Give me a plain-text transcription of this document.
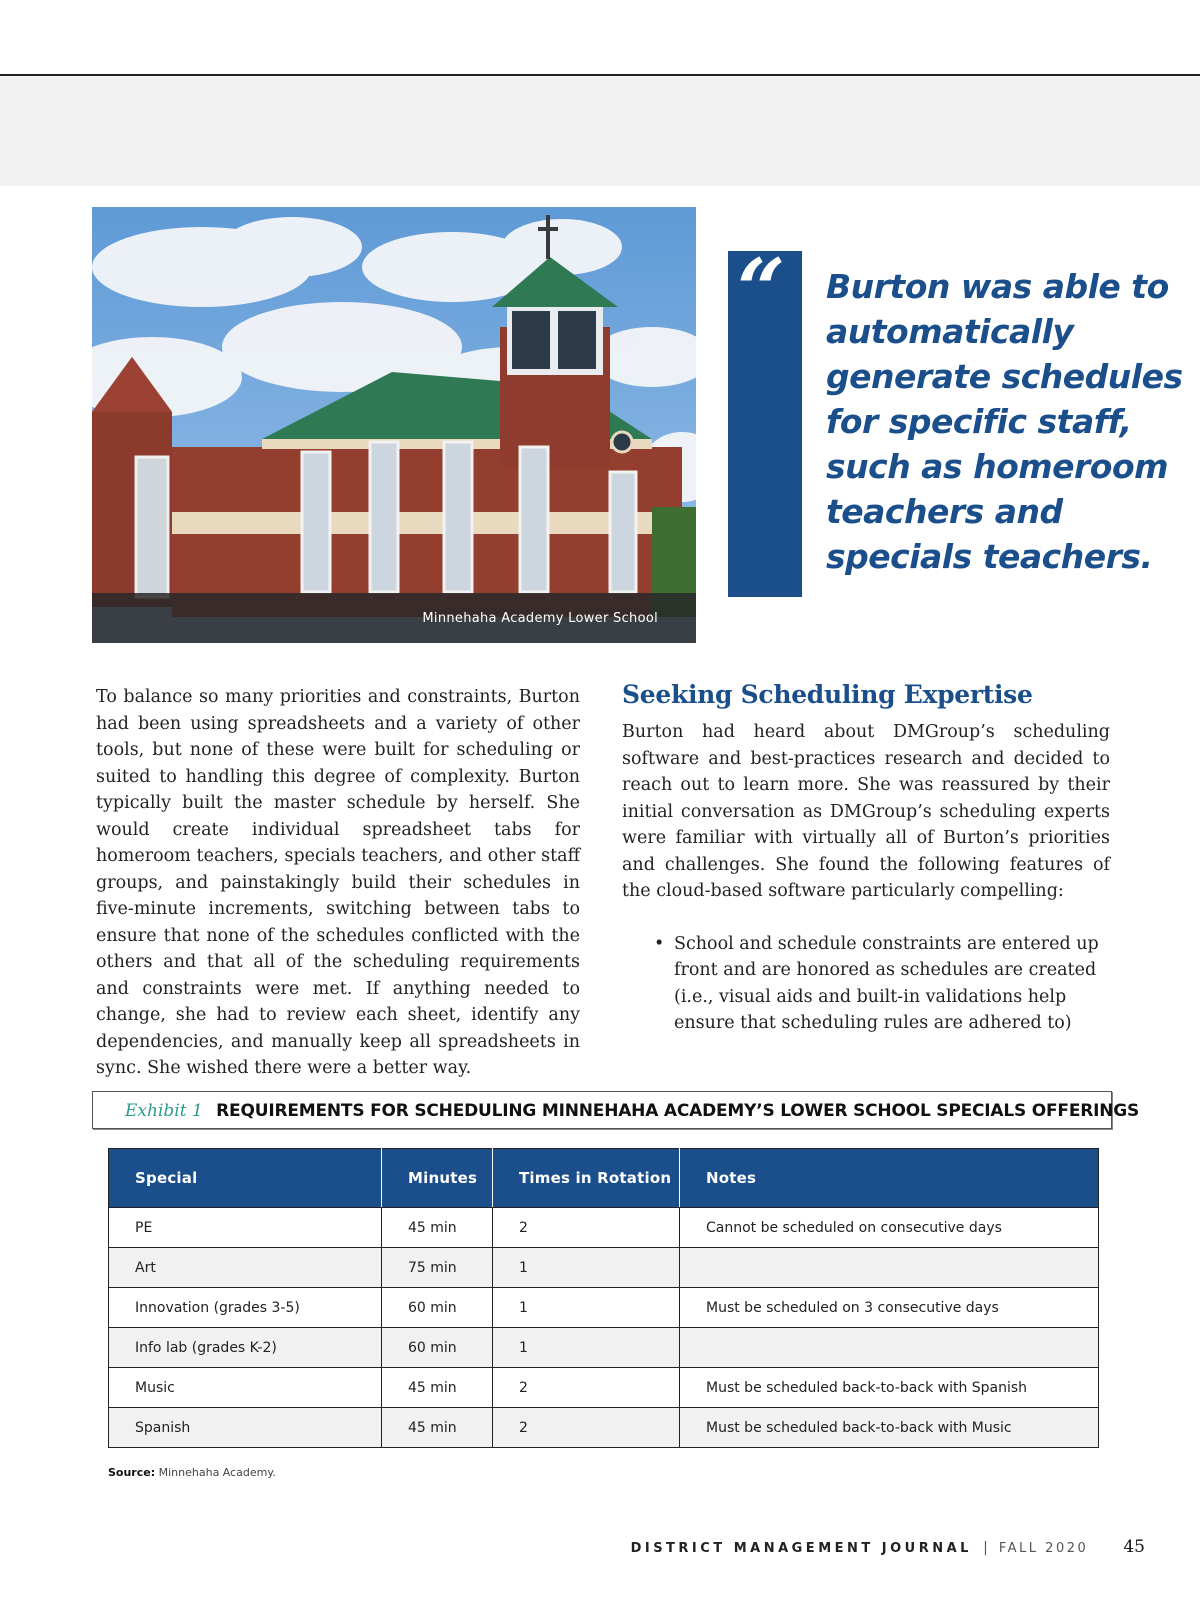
Minnehaha Academy Lower School
“ Burton was able to automatically generate schedules for specific staff, such as homeroom teachers and specials teachers.

To balance so many priorities and constraints, Burton had been using spreadsheets and a variety of other tools, but none of these were built for scheduling or suited to handling this degree of complexity. Burton typically built the master schedule by herself. She would create individual spreadsheet tabs for homeroom teachers, specials teachers, and other staff groups, and painstakingly build their schedules in five-minute increments, switching between tabs to ensure that none of the schedules conflicted with the others and that all of the scheduling requirements and constraints were met. If anything needed to change, she had to review each sheet, identify any dependencies, and manually keep all spreadsheets in sync. She wished there were a better way.

Seeking Scheduling Expertise

Burton had heard about DMGroup’s scheduling software and best-practices research and decided to reach out to learn more. She was reassured by their initial conversation as DMGroup’s scheduling experts were familiar with virtually all of Burton’s priorities and challenges. She found the following features of the cloud-based software particularly compelling:

• School and schedule constraints are entered up front and are honored as schedules are created (i.e., visual aids and built-in validations help ensure that scheduling rules are adhered to)
Exhibit 1 REQUIREMENTS FOR SCHEDULING MINNEHAHA ACADEMY’S LOWER SCHOOL SPECIALS OFFERINGS
Special	Minutes	Times in Rotation	Notes
PE	45 min	2	Cannot be scheduled on consecutive days
Art	75 min	1	
Innovation (grades 3-5)	60 min	1	Must be scheduled on 3 consecutive days
Info lab (grades K-2)	60 min	1	
Music	45 min	2	Must be scheduled back-to-back with Spanish
Spanish	45 min	2	Must be scheduled back-to-back with Music
Source: Minnehaha Academy.
DISTRICT MANAGEMENT JOURNAL | FALL 2020 45
